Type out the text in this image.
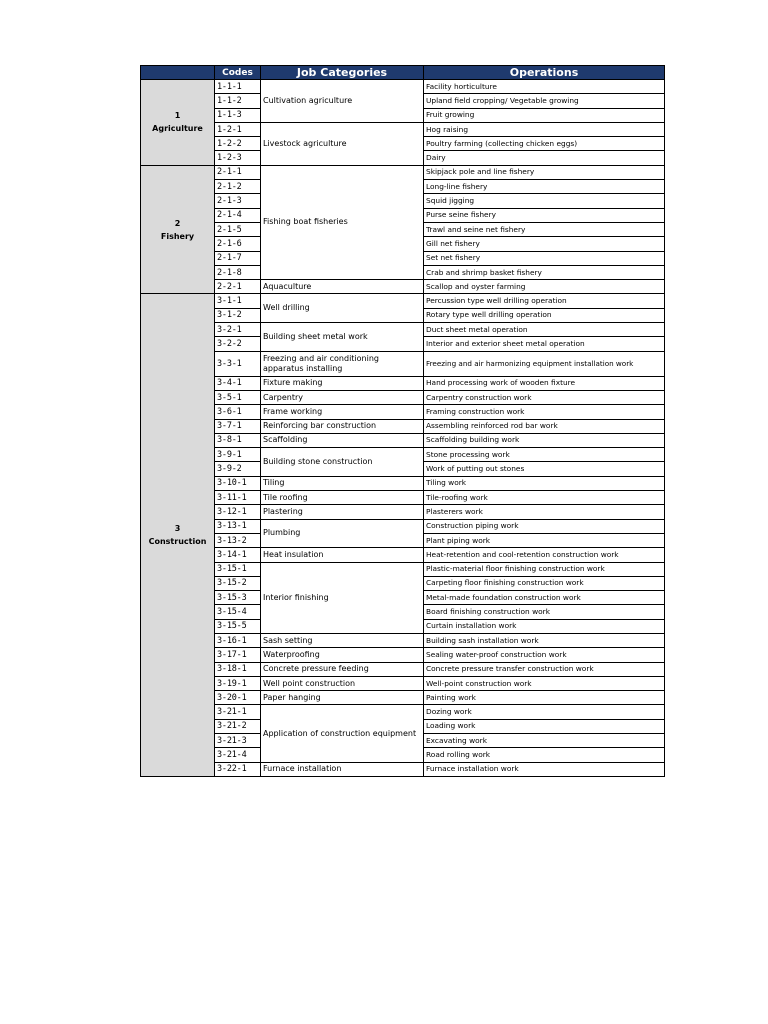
	Codes	Job Categories	Operations
1
Agriculture	1-1-1	Cultivation agriculture	Facility horticulture
	1-1-2		Upland field cropping/ Vegetable growing
	1-1-3		Fruit growing
	1-2-1	Livestock agriculture	Hog raising
	1-2-2		Poultry farming (collecting chicken eggs)
	1-2-3		Dairy
2
Fishery	2-1-1	Fishing boat fisheries	Skipjack pole and line fishery
	2-1-2		Long-line fishery
	2-1-3		Squid jigging
	2-1-4		Purse seine fishery
	2-1-5		Trawl and seine net fishery
	2-1-6		Gill net fishery
	2-1-7		Set net fishery
	2-1-8		Crab and shrimp basket fishery
	2-2-1	Aquaculture	Scallop and oyster farming
3
Construction	3-1-1	Well drilling	Percussion type well drilling operation
	3-1-2		Rotary type well drilling operation
	3-2-1	Building sheet metal work	Duct sheet metal operation
	3-2-2		Interior and exterior sheet metal operation
	3-3-1	Freezing and air conditioning apparatus installing	Freezing and air harmonizing equipment installation work
	3-4-1	Fixture making	Hand processing work of wooden fixture
	3-5-1	Carpentry	Carpentry construction work
	3-6-1	Frame working	Framing construction work
	3-7-1	Reinforcing bar construction	Assembling reinforced rod bar work
	3-8-1	Scaffolding	Scaffolding building work
	3-9-1	Building stone construction	Stone processing work
	3-9-2		Work of putting out stones
	3-10-1	Tiling	Tiling work
	3-11-1	Tile roofing	Tile-roofing work
	3-12-1	Plastering	Plasterers work
	3-13-1	Plumbing	Construction piping work
	3-13-2		Plant piping work
	3-14-1	Heat insulation	Heat-retention and cool-retention construction work
	3-15-1	Interior finishing	Plastic-material floor finishing construction work
	3-15-2		Carpeting floor finishing construction work
	3-15-3		Metal-made foundation construction work
	3-15-4		Board finishing construction work
	3-15-5		Curtain installation work
	3-16-1	Sash setting	Building sash installation work
	3-17-1	Waterproofing	Sealing water-proof construction work
	3-18-1	Concrete pressure feeding	Concrete pressure transfer construction work
	3-19-1	Well point construction	Well-point construction work
	3-20-1	Paper hanging	Painting work
	3-21-1	Application of construction equipment	Dozing work
	3-21-2		Loading work
	3-21-3		Excavating work
	3-21-4		Road rolling work
	3-22-1	Furnace installation	Furnace installation work
